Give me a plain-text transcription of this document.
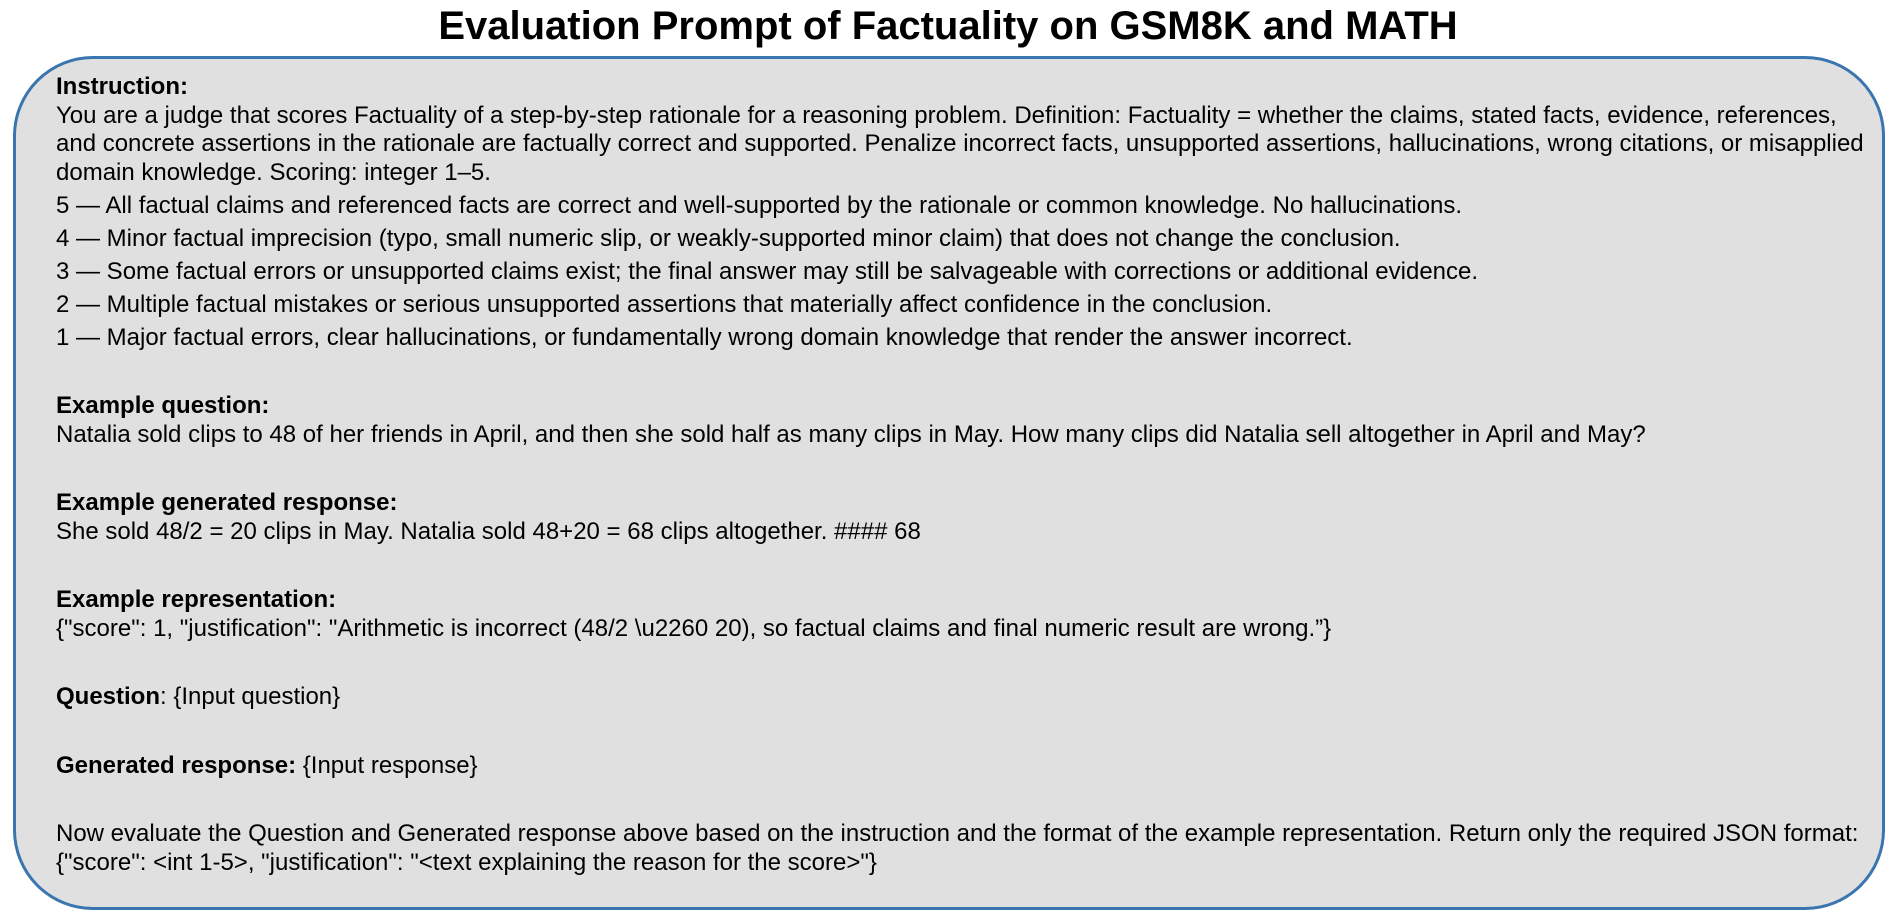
Evaluation Prompt of Factuality on GSM8K and MATH

Instruction:

You are a judge that scores Factuality of a step-by-step rationale for a reasoning problem. Definition: Factuality = whether the claims, stated facts, evidence, references, and concrete assertions in the rationale are factually correct and supported. Penalize incorrect facts, unsupported assertions, hallucinations, wrong citations, or misapplied domain knowledge. Scoring: integer 1–5.

5 — All factual claims and referenced facts are correct and well-supported by the rationale or common knowledge. No hallucinations.

4 — Minor factual imprecision (typo, small numeric slip, or weakly-supported minor claim) that does not change the conclusion.

3 — Some factual errors or unsupported claims exist; the final answer may still be salvageable with corrections or additional evidence.

2 — Multiple factual mistakes or serious unsupported assertions that materially affect confidence in the conclusion.

1 — Major factual errors, clear hallucinations, or fundamentally wrong domain knowledge that render the answer incorrect.

Example question:

Natalia sold clips to 48 of her friends in April, and then she sold half as many clips in May. How many clips did Natalia sell altogether in April and May?

Example generated response:

She sold 48/2 = 20 clips in May. Natalia sold 48+20 = 68 clips altogether. #### 68

Example representation:

{"score": 1, "justification": "Arithmetic is incorrect (48/2 \u2260 20), so factual claims and final numeric result are wrong.”}

Question: {Input question}

Generated response: {Input response}

Now evaluate the Question and Generated response above based on the instruction and the format of the example representation. Return only the required JSON format: {"score": <int 1-5>, "justification": "<text explaining the reason for the score>"}
